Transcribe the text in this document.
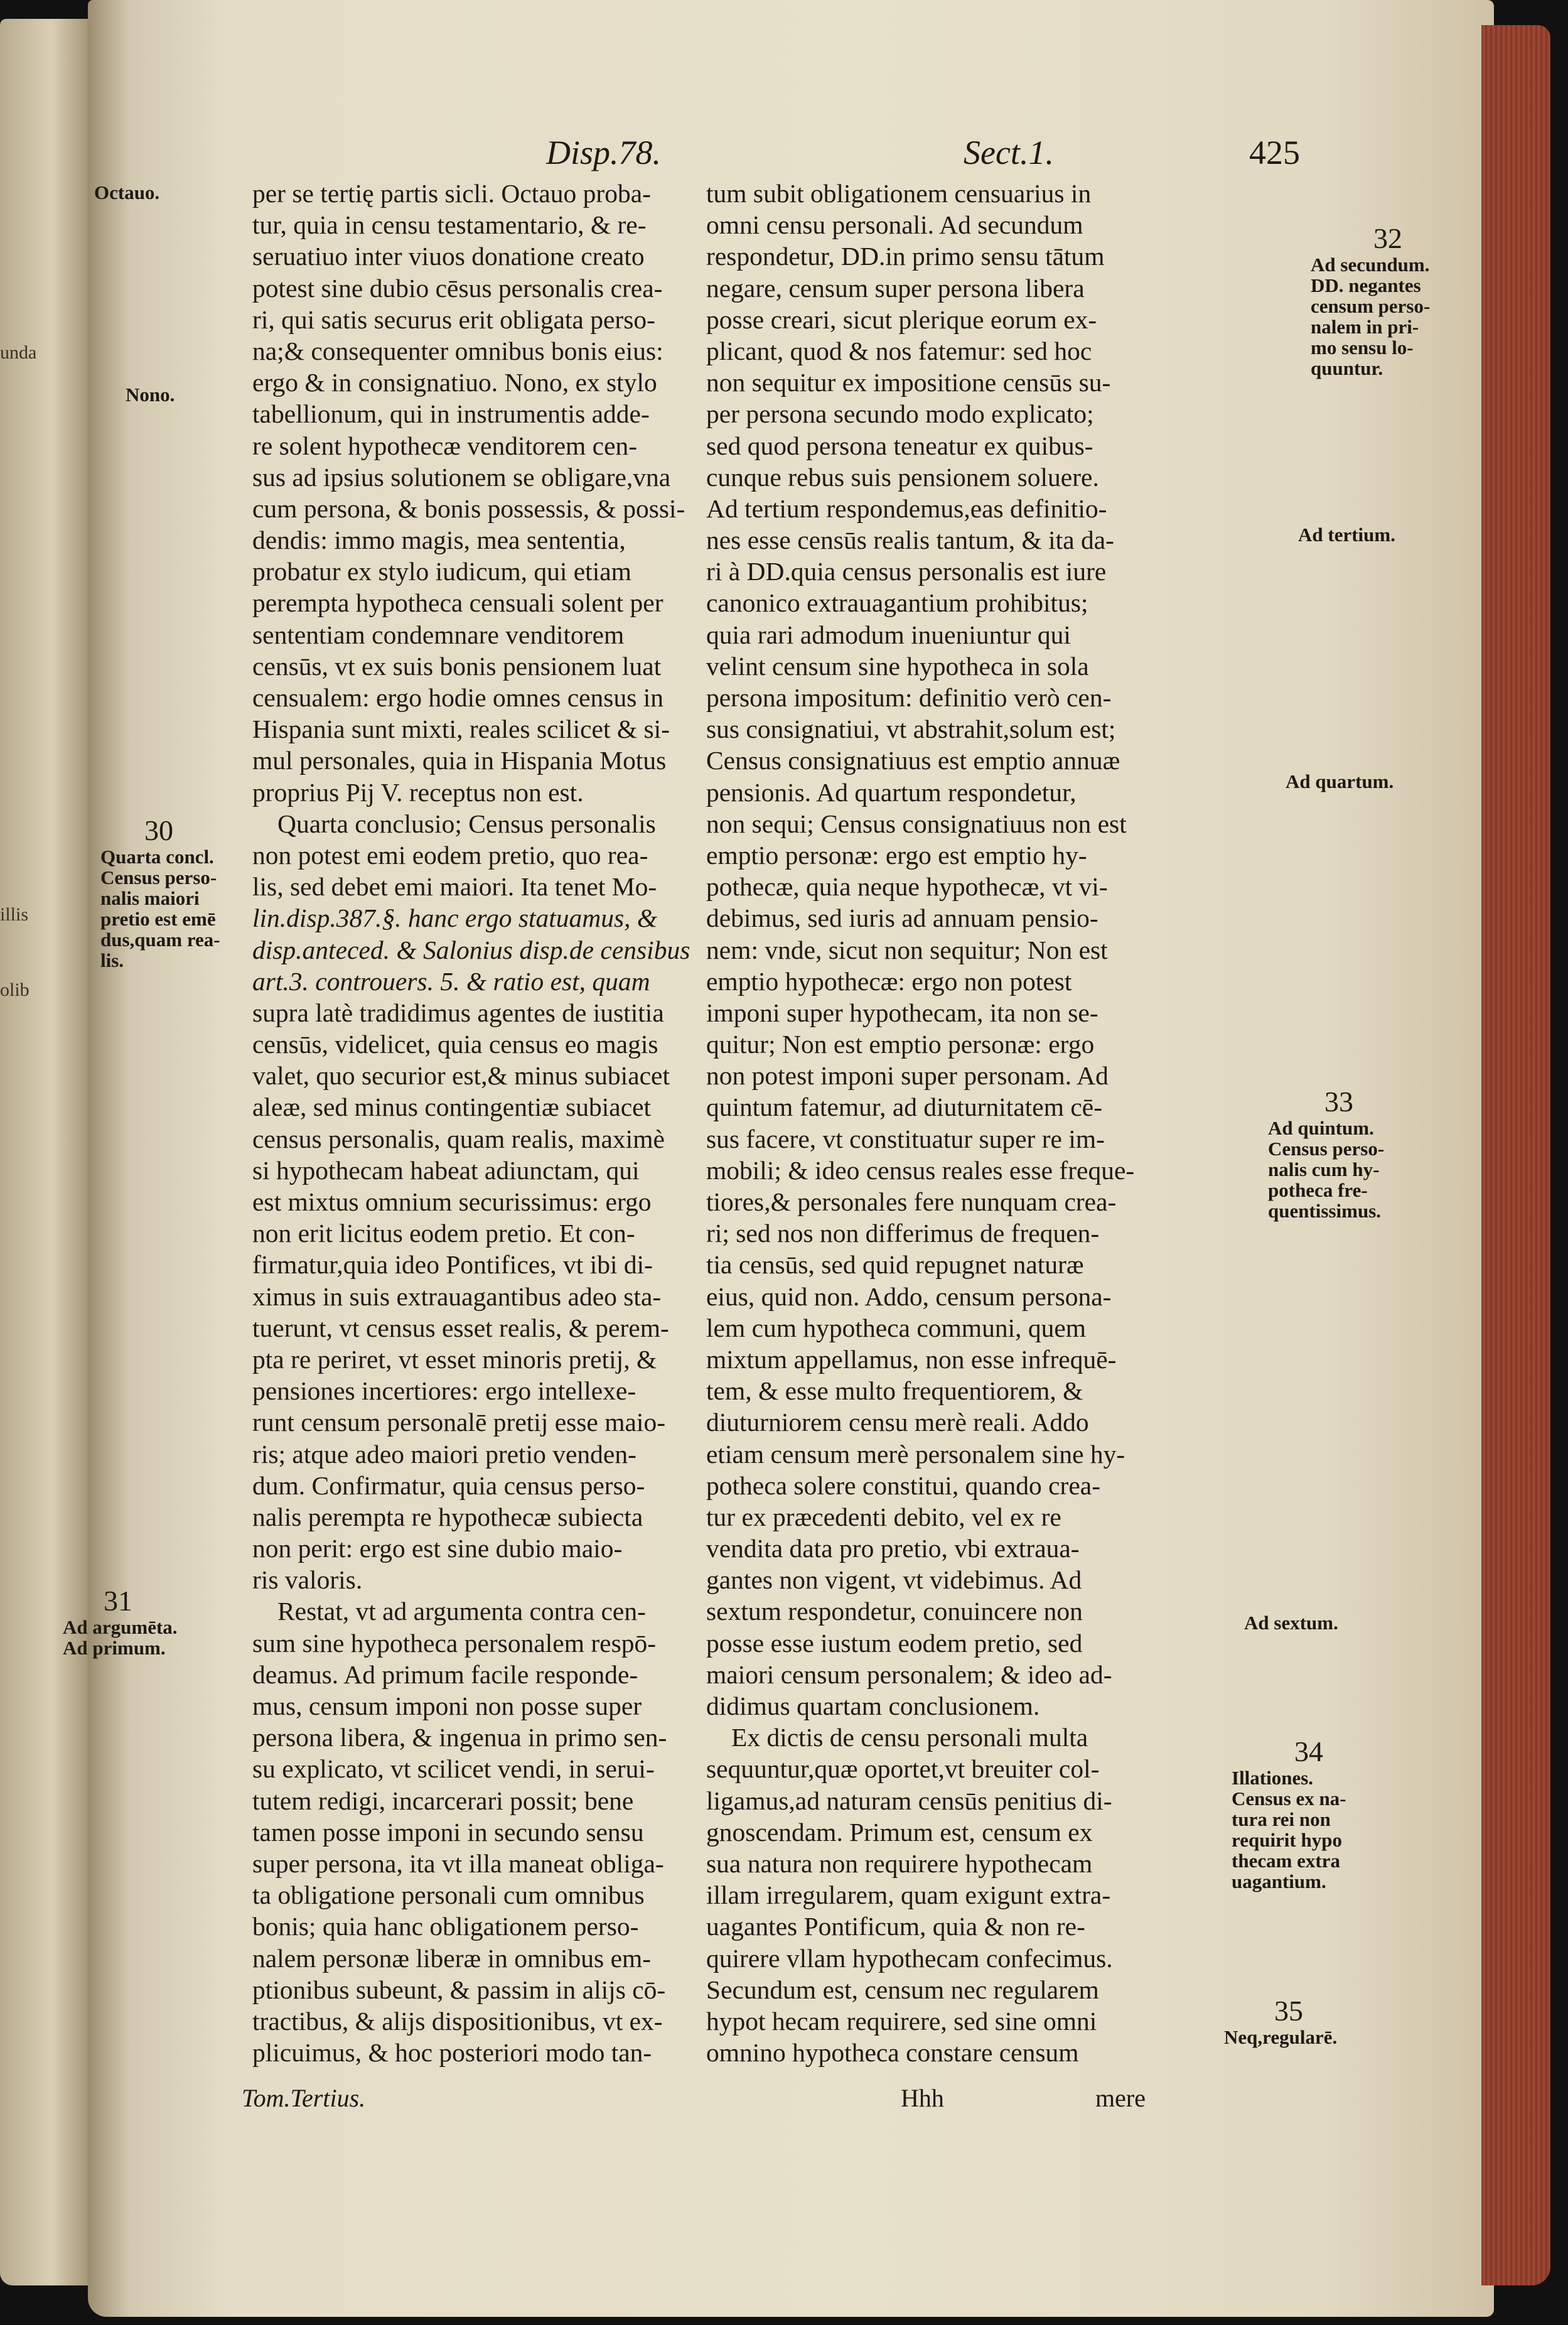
unda
illis
olib
Disp.78.	Sect.1.	425
per se tertię partis sicli. Octauo proba-
tur, quia in censu testamentario, & re-
seruatiuo inter viuos donatione creato
potest sine dubio cēsus personalis crea-
ri, qui satis securus erit obligata perso-
na;& consequenter omnibus bonis eius:
ergo & in consignatiuo. Nono, ex stylo
tabellionum, qui in instrumentis adde-
re solent hypothecæ venditorem cen-
sus ad ipsius solutionem se obligare,vna
cum persona, & bonis possessis, & possi-
dendis: immo magis, mea sententia,
probatur ex stylo iudicum, qui etiam
perempta hypotheca censuali solent per
sententiam condemnare venditorem
censūs, vt ex suis bonis pensionem luat
censualem: ergo hodie omnes census in
Hispania sunt mixti, reales scilicet & si-
mul personales, quia in Hispania Motus
proprius Pij V. receptus non est.
Quarta conclusio; Census personalis
non potest emi eodem pretio, quo rea-
lis, sed debet emi maiori. Ita tenet Mo-
lin.disp.387.§. hanc ergo statuamus, &
disp.anteced. & Salonius disp.de censibus
art.3. controuers. 5. & ratio est, quam
supra latè tradidimus agentes de iustitia
censūs, videlicet, quia census eo magis
valet, quo securior est,& minus subiacet
aleæ, sed minus contingentiæ subiacet
census personalis, quam realis, maximè
si hypothecam habeat adiunctam, qui
est mixtus omnium securissimus: ergo
non erit licitus eodem pretio. Et con-
firmatur,quia ideo Pontifices, vt ibi di-
ximus in suis extrauagantibus adeo sta-
tuerunt, vt census esset realis, & perem-
pta re periret, vt esset minoris pretij, &
pensiones incertiores: ergo intellexe-
runt censum personalē pretij esse maio-
ris; atque adeo maiori pretio venden-
dum. Confirmatur, quia census perso-
nalis perempta re hypothecæ subiecta
non perit: ergo est sine dubio maio-
ris valoris.
Restat, vt ad argumenta contra cen-
sum sine hypotheca personalem respō-
deamus. Ad primum facile responde-
mus, censum imponi non posse super
persona libera, & ingenua in primo sen-
su explicato, vt scilicet vendi, in serui-
tutem redigi, incarcerari possit; bene
tamen posse imponi in secundo sensu
super persona, ita vt illa maneat obliga-
ta obligatione personali cum omnibus
bonis; quia hanc obligationem perso-
nalem personæ liberæ in omnibus em-
ptionibus subeunt, & passim in alijs cō-
tractibus, & alijs dispositionibus, vt ex-
plicuimus, & hoc posteriori modo tan-
tum subit obligationem censuarius in
omni censu personali. Ad secundum
respondetur, DD.in primo sensu tātum
negare, censum super persona libera
posse creari, sicut plerique eorum ex-
plicant, quod & nos fatemur: sed hoc
non sequitur ex impositione censūs su-
per persona secundo modo explicato;
sed quod persona teneatur ex quibus-
cunque rebus suis pensionem soluere.
Ad tertium respondemus,eas definitio-
nes esse censūs realis tantum, & ita da-
ri à DD.quia census personalis est iure
canonico extrauagantium prohibitus;
quia rari admodum inueniuntur qui
velint censum sine hypotheca in sola
persona impositum: definitio verò cen-
sus consignatiui, vt abstrahit,solum est;
Census consignatiuus est emptio annuæ
pensionis. Ad quartum respondetur,
non sequi; Census consignatiuus non est
emptio personæ: ergo est emptio hy-
pothecæ, quia neque hypothecæ, vt vi-
debimus, sed iuris ad annuam pensio-
nem: vnde, sicut non sequitur; Non est
emptio hypothecæ: ergo non potest
imponi super hypothecam, ita non se-
quitur; Non est emptio personæ: ergo
non potest imponi super personam. Ad
quintum fatemur, ad diuturnitatem cē-
sus facere, vt constituatur super re im-
mobili; & ideo census reales esse freque-
tiores,& personales fere nunquam crea-
ri; sed nos non differimus de frequen-
tia censūs, sed quid repugnet naturæ
eius, quid non. Addo, censum persona-
lem cum hypotheca communi, quem
mixtum appellamus, non esse infrequē-
tem, & esse multo frequentiorem, &
diuturniorem censu merè reali. Addo
etiam censum merè personalem sine hy-
potheca solere constitui, quando crea-
tur ex præcedenti debito, vel ex re
vendita data pro pretio, vbi extraua-
gantes non vigent, vt videbimus. Ad
sextum respondetur, conuincere non
posse esse iustum eodem pretio, sed
maiori censum personalem; & ideo ad-
didimus quartam conclusionem.
Ex dictis de censu personali multa
sequuntur,quæ oportet,vt breuiter col-
ligamus,ad naturam censūs penitius di-
gnoscendam. Primum est, censum ex
sua natura non requirere hypothecam
illam irregularem, quam exigunt extra-
uagantes Pontificum, quia & non re-
quirere vllam hypothecam confecimus.
Secundum est, censum nec regularem
hypot hecam requirere, sed sine omni
omnino hypotheca constare censum
Octauo.
Nono.
30
Quarta concl.
Census perso-
nalis maiori
pretio est emē
dus,quam rea-
lis.
31
Ad argumēta.
Ad primum.
32
Ad secundum.
DD. negantes
censum perso-
nalem in pri-
mo sensu lo-
quuntur.
Ad tertium.
Ad quartum.
33
Ad quintum.
Census perso-
nalis cum hy-
potheca fre-
quentissimus.
Ad sextum.
34
Illationes.
Census ex na-
tura rei non
requirit hypo
thecam extra
uagantium.
35
Neq,regularē.
Tom.Tertius.	Hhh	mere
